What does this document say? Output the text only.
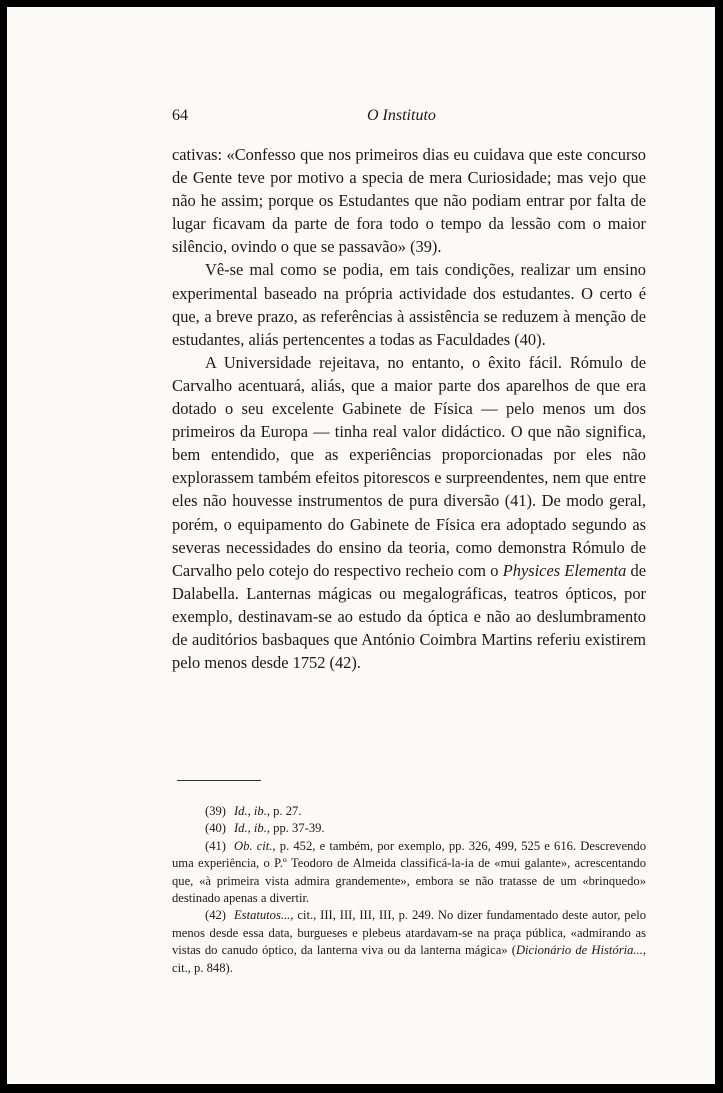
64	O Instituto

cativas: «Confesso que nos primeiros dias eu cuidava que este concurso de Gente teve por motivo a specia de mera Curiosidade; mas vejo que não he assim; porque os Estudantes que não podiam entrar por falta de lugar ficavam da parte de fora todo o tempo da lessão com o maior silêncio, ovindo o que se passavão» (39).

Vê-se mal como se podia, em tais condições, realizar um ensino experimental baseado na própria actividade dos estudantes. O certo é que, a breve prazo, as referências à assistência se reduzem à menção de estudantes, aliás pertencentes a todas as Faculdades (40).

A Universidade rejeitava, no entanto, o êxito fácil. Rómulo de Carvalho acentuará, aliás, que a maior parte dos aparelhos de que era dotado o seu excelente Gabinete de Física — pelo menos um dos primeiros da Europa — tinha real valor didáctico. O que não significa, bem entendido, que as experiências proporcionadas por eles não explorassem também efeitos pitorescos e surpreendentes, nem que entre eles não houvesse instrumentos de pura diversão (41). De modo geral, porém, o equipamento do Gabinete de Física era adoptado segundo as severas necessidades do ensino da teoria, como demonstra Rómulo de Carvalho pelo cotejo do respectivo recheio com o Physices Elementa de Dalabella. Lanternas mágicas ou megalográficas, teatros ópticos, por exemplo, destinavam-se ao estudo da óptica e não ao deslumbramento de auditórios basbaques que António Coimbra Martins referiu existirem pelo menos desde 1752 (42).

(39) Id., ib., p. 27.

(40) Id., ib., pp. 37-39.

(41) Ob. cit., p. 452, e também, por exemplo, pp. 326, 499, 525 e 616. Descrevendo uma experiência, o P.º Teodoro de Almeida classificá-la-ia de «mui galante», acrescentando que, «à primeira vista admira grandemente», embora se não tratasse de um «brinquedo» destinado apenas a divertir.

(42) Estatutos..., cit., III, III, III, III, p. 249. No dizer fundamentado deste autor, pelo menos desde essa data, burgueses e plebeus atardavam-se na praça pública, «admirando as vistas do canudo óptico, da lanterna viva ou da lanterna mágica» (Dicionário de História..., cit., p. 848).
